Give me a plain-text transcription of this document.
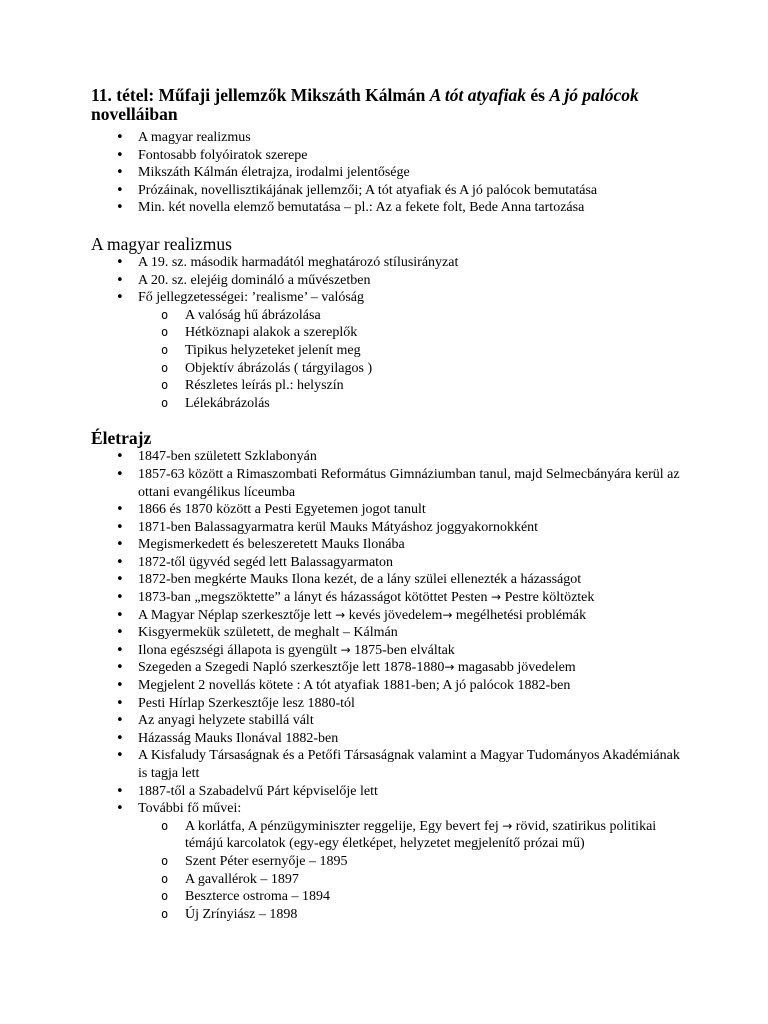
11. tétel: Műfaji jellemzők Mikszáth Kálmán A tót atyafiak és A jó palócok
novelláiban
• A magyar realizmus
• Fontosabb folyóiratok szerepe
• Mikszáth Kálmán életrajza, irodalmi jelentősége
• Prózáinak, novellisztikájának jellemzői; A tót atyafiak és A jó palócok bemutatása
• Min. két novella elemző bemutatása – pl.: Az a fekete folt, Bede Anna tartozása
A magyar realizmus
• A 19. sz. második harmadától meghatározó stílusirányzat
• A 20. sz. elejéig domináló a művészetben
• Fő jellegzetességei: ’realisme’ – valóság
o A valóság hű ábrázolása
o Hétköznapi alakok a szereplők
o Tipikus helyzeteket jelenít meg
o Objektív ábrázolás ( tárgyilagos )
o Részletes leírás pl.: helyszín
o Lélekábrázolás
Életrajz
• 1847-ben született Szklabonyán
• 1857-63 között a Rimaszombati Református Gimnáziumban tanul, majd Selmecbányára kerül az ottani evangélikus líceumba
• 1866 és 1870 között a Pesti Egyetemen jogot tanult
• 1871-ben Balassagyarmatra kerül Mauks Mátyáshoz joggyakornokként
• Megismerkedett és beleszeretett Mauks Ilonába
• 1872-től ügyvéd segéd lett Balassagyarmaton
• 1872-ben megkérte Mauks Ilona kezét, de a lány szülei ellenezték a házasságot
• 1873-ban „megszöktette” a lányt és házasságot kötöttet Pesten → Pestre költöztek
• A Magyar Néplap szerkesztője lett → kevés jövedelem→ megélhetési problémák
• Kisgyermekük született, de meghalt – Kálmán
• Ilona egészségi állapota is gyengült → 1875-ben elváltak
• Szegeden a Szegedi Napló szerkesztője lett 1878-1880→ magasabb jövedelem
• Megjelent 2 novellás kötete : A tót atyafiak 1881-ben; A jó palócok 1882-ben
• Pesti Hírlap Szerkesztője lesz 1880-tól
• Az anyagi helyzete stabillá vált
• Házasság Mauks Ilonával 1882-ben
• A Kisfaludy Társaságnak és a Petőfi Társaságnak valamint a Magyar Tudományos Akadémiának is tagja lett
• 1887-től a Szabadelvű Párt képviselője lett
• További fő művei:
o A korlátfa, A pénzügyminiszter reggelije, Egy bevert fej → rövid, szatirikus politikai témájú karcolatok (egy-egy életképet, helyzetet megjelenítő prózai mű)
o Szent Péter esernyője – 1895
o A gavallérok – 1897
o Beszterce ostroma – 1894
o Új Zrínyiász – 1898
